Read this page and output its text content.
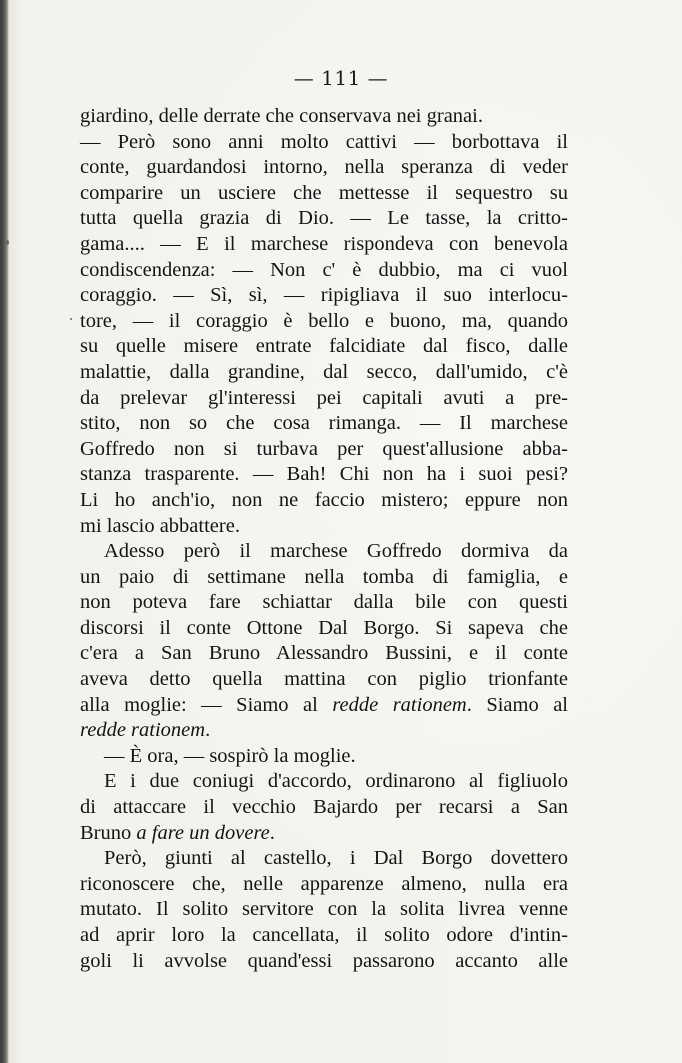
— 111 —
giardino, delle derrate che conservava nei granai.
— Però sono anni molto cattivi — borbottava il
conte, guardandosi intorno, nella speranza di veder
comparire un usciere che mettesse il sequestro su
tutta quella grazia di Dio. — Le tasse, la critto-
gama.... — E il marchese rispondeva con benevola
condiscendenza: — Non c' è dubbio, ma ci vuol
coraggio. — Sì, sì, — ripigliava il suo interlocu-
tore, — il coraggio è bello e buono, ma, quando
su quelle misere entrate falcidiate dal fisco, dalle
malattie, dalla grandine, dal secco, dall'umido, c'è
da prelevar gl'interessi pei capitali avuti a pre-
stito, non so che cosa rimanga. — Il marchese
Goffredo non si turbava per quest'allusione abba-
stanza trasparente. — Bah! Chi non ha i suoi pesi?
Li ho anch'io, non ne faccio mistero; eppure non
mi lascio abbattere.
Adesso però il marchese Goffredo dormiva da
un paio di settimane nella tomba di famiglia, e
non poteva fare schiattar dalla bile con questi
discorsi il conte Ottone Dal Borgo. Si sapeva che
c'era a San Bruno Alessandro Bussini, e il conte
aveva detto quella mattina con piglio trionfante
alla moglie: — Siamo al redde rationem. Siamo al
redde rationem.
— È ora, — sospirò la moglie.
E i due coniugi d'accordo, ordinarono al figliuolo
di attaccare il vecchio Bajardo per recarsi a San
Bruno a fare un dovere.
Però, giunti al castello, i Dal Borgo dovettero
riconoscere che, nelle apparenze almeno, nulla era
mutato. Il solito servitore con la solita livrea venne
ad aprir loro la cancellata, il solito odore d'intin-
goli li avvolse quand'essi passarono accanto alle
